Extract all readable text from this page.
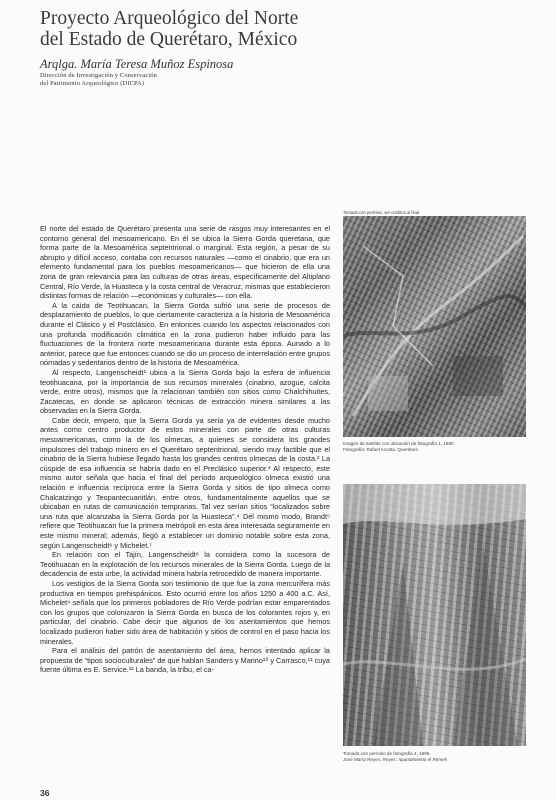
Proyecto Arqueológico del Norte
del Estado de Querétaro, México
Arqlga. María Teresa Muñoz Espinosa
Dirección de Investigación y Conservación
del Patrimonio Arqueológico (DICPA)
Tomado con permiso, ver créditos al final
Imagen de satélite con ubicación de fotografía 1, 1990.
Fotografía: Rafael Acosta, Querétaro
Tomado con permiso de fotografía 4, 1996.
José María Reyes, Reyes: Apuntamiento el Remeli

El norte del estado de Querétaro presenta una serie de rasgos muy interesantes en el contorno general del mesoamericano. En él se ubica la Sierra Gorda queretana, que forma parte de la Mesoamérica septentrional o marginal. Esta región, a pesar de su abrupto y difícil acceso, contaba con recursos naturales —como el cinabrio, que era un elemento fundamental para los pueblos mesoamericanos— que hicieron de ella una zona de gran relevancia para las culturas de otras áreas, específicamente del Altiplano Central, Río Verde, la Huasteca y la costa central de Veracruz, mismas que establecieron distintas formas de relación —económicas y culturales— con ella.

A la caída de Teotihuacan, la Sierra Gorda sufrió una serie de procesos de desplazamiento de pueblos, lo que ciertamente caracteriza a la historia de Mesoamérica durante el Clásico y el Postclásico. En entonces cuando los aspectos relacionados con una profunda modificación climática en la zona pudieron haber influido para las fluctuaciones de la frontera norte mesoamericana durante esta época. Aunado a lo anterior, parece que fue entonces cuando se dio un proceso de interrelación entre grupos nómadas y sedentarios dentro de la historia de Mesoamérica.

Al respecto, Langenscheidt¹ ubica a la Sierra Gorda bajo la esfera de influencia teotihuacana, por la importancia de sus recursos minerales (cinabrio, azogue, calcita verde, entre otros), mismos que la relacionan también con sitios como Chalchihuites, Zacatecas, en donde se aplicaron técnicas de extracción minera similares a las observadas en la Sierra Gorda.

Cabe decir, empero, que la Sierra Gorda ya sería ya de evidentes desde mucho antes como centro productor de estos minerales con parte de otras culturas mesoamericanas, como la de los olmecas, a quienes se considera los grandes impulsores del trabajo minero en el Querétaro septentrional, siendo muy factible que el cinabrio de la Sierra hubiese llegado hasta los grandes centros olmecas de la costa.² La cúspide de esa influencia se habría dado en el Preclásico superior.³ Al respecto, este mismo autor señala que hacia el final del período arqueológico olmeca existió una relación e influencia recíproca entre la Sierra Gorda y sitios de tipo olmeca como Chalcatzingo y Teopantecuanitlán, entre otros, fundamentalmente aquellos que se ubicaban en rutas de comunicación tempranas. Tal vez serían sitios “localizados sobre una ruta que alcanzaba la Sierra Gorda por la Huasteca”.⁴ Del mismo modo, Brandt⁵ refiere que Teotihuacan fue la primera metrópoli en esta área interesada seguramente en este mismo mineral; además, llegó a establecer un dominio notable sobre esta zona, según Langenscheidt⁶ y Michelet.⁷

En relación con el Tajín, Langenscheidt⁸ la considera como la sucesora de Teotihuacan en la explotación de los recursos minerales de la Sierra Gorda. Luego de la decadencia de esta urbe, la actividad minera habría retrocedido de manera importante.

Los vestigios de la Sierra Gorda son testimonio de que fue la zona mercurífera más productiva en tiempos prehispánicos. Esto ocurrió entre los años 1250 a 400 a.C. Así, Michelet⁹ señala que los primeros pobladores de Río Verde podrían estar emparentados con los grupos que colonizaron la Sierra Gorda en busca de los colorantes rojos y, en particular, del cinabrio. Cabe decir que algunos de los asentamientos que hemos localizado pudieron haber sido área de habitación y sitios de control en el paso hacia los minerales.

Para el análisis del patrón de asentamiento del área, hemos intentado aplicar la propuesta de “tipos socioculturales” de que hablan Sanders y Marino¹⁰ y Carrasco,¹¹ cuya fuente última es E. Service.¹² La banda, la tribu, el ca-

36
